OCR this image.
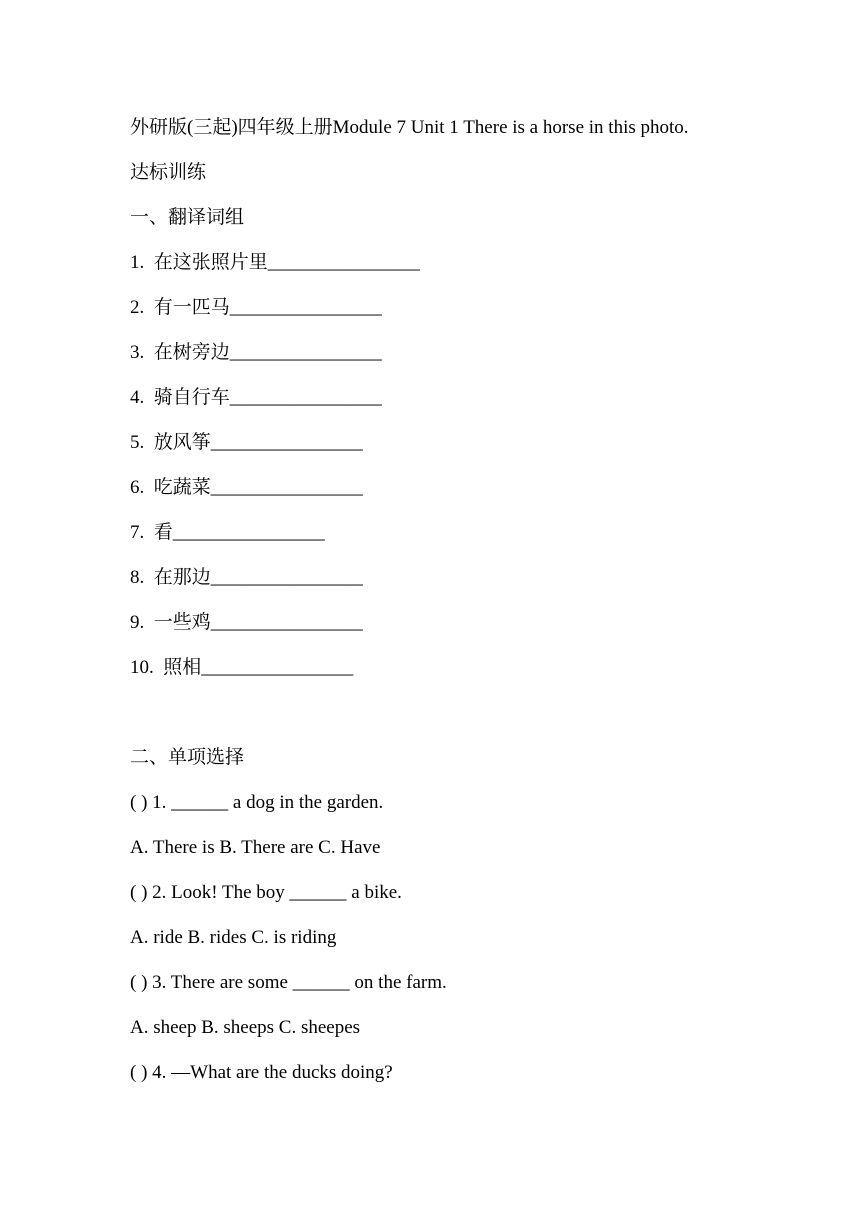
外研版(三起)四年级上册Module 7 Unit 1 There is a horse in this photo.
达标训练
一、翻译词组
1.  在这张照片里________________
2.  有一匹马________________
3.  在树旁边________________
4.  骑自行车________________
5.  放风筝________________
6.  吃蔬菜________________
7.  看________________
8.  在那边________________
9.  一些鸡________________
10.  照相________________
二、单项选择
( ) 1. ______ a dog in the garden.
A. There is B. There are C. Have
( ) 2. Look! The boy ______ a bike.
A. ride B. rides C. is riding
( ) 3. There are some ______ on the farm.
A. sheep B. sheeps C. sheepes
( ) 4. —What are the ducks doing?
